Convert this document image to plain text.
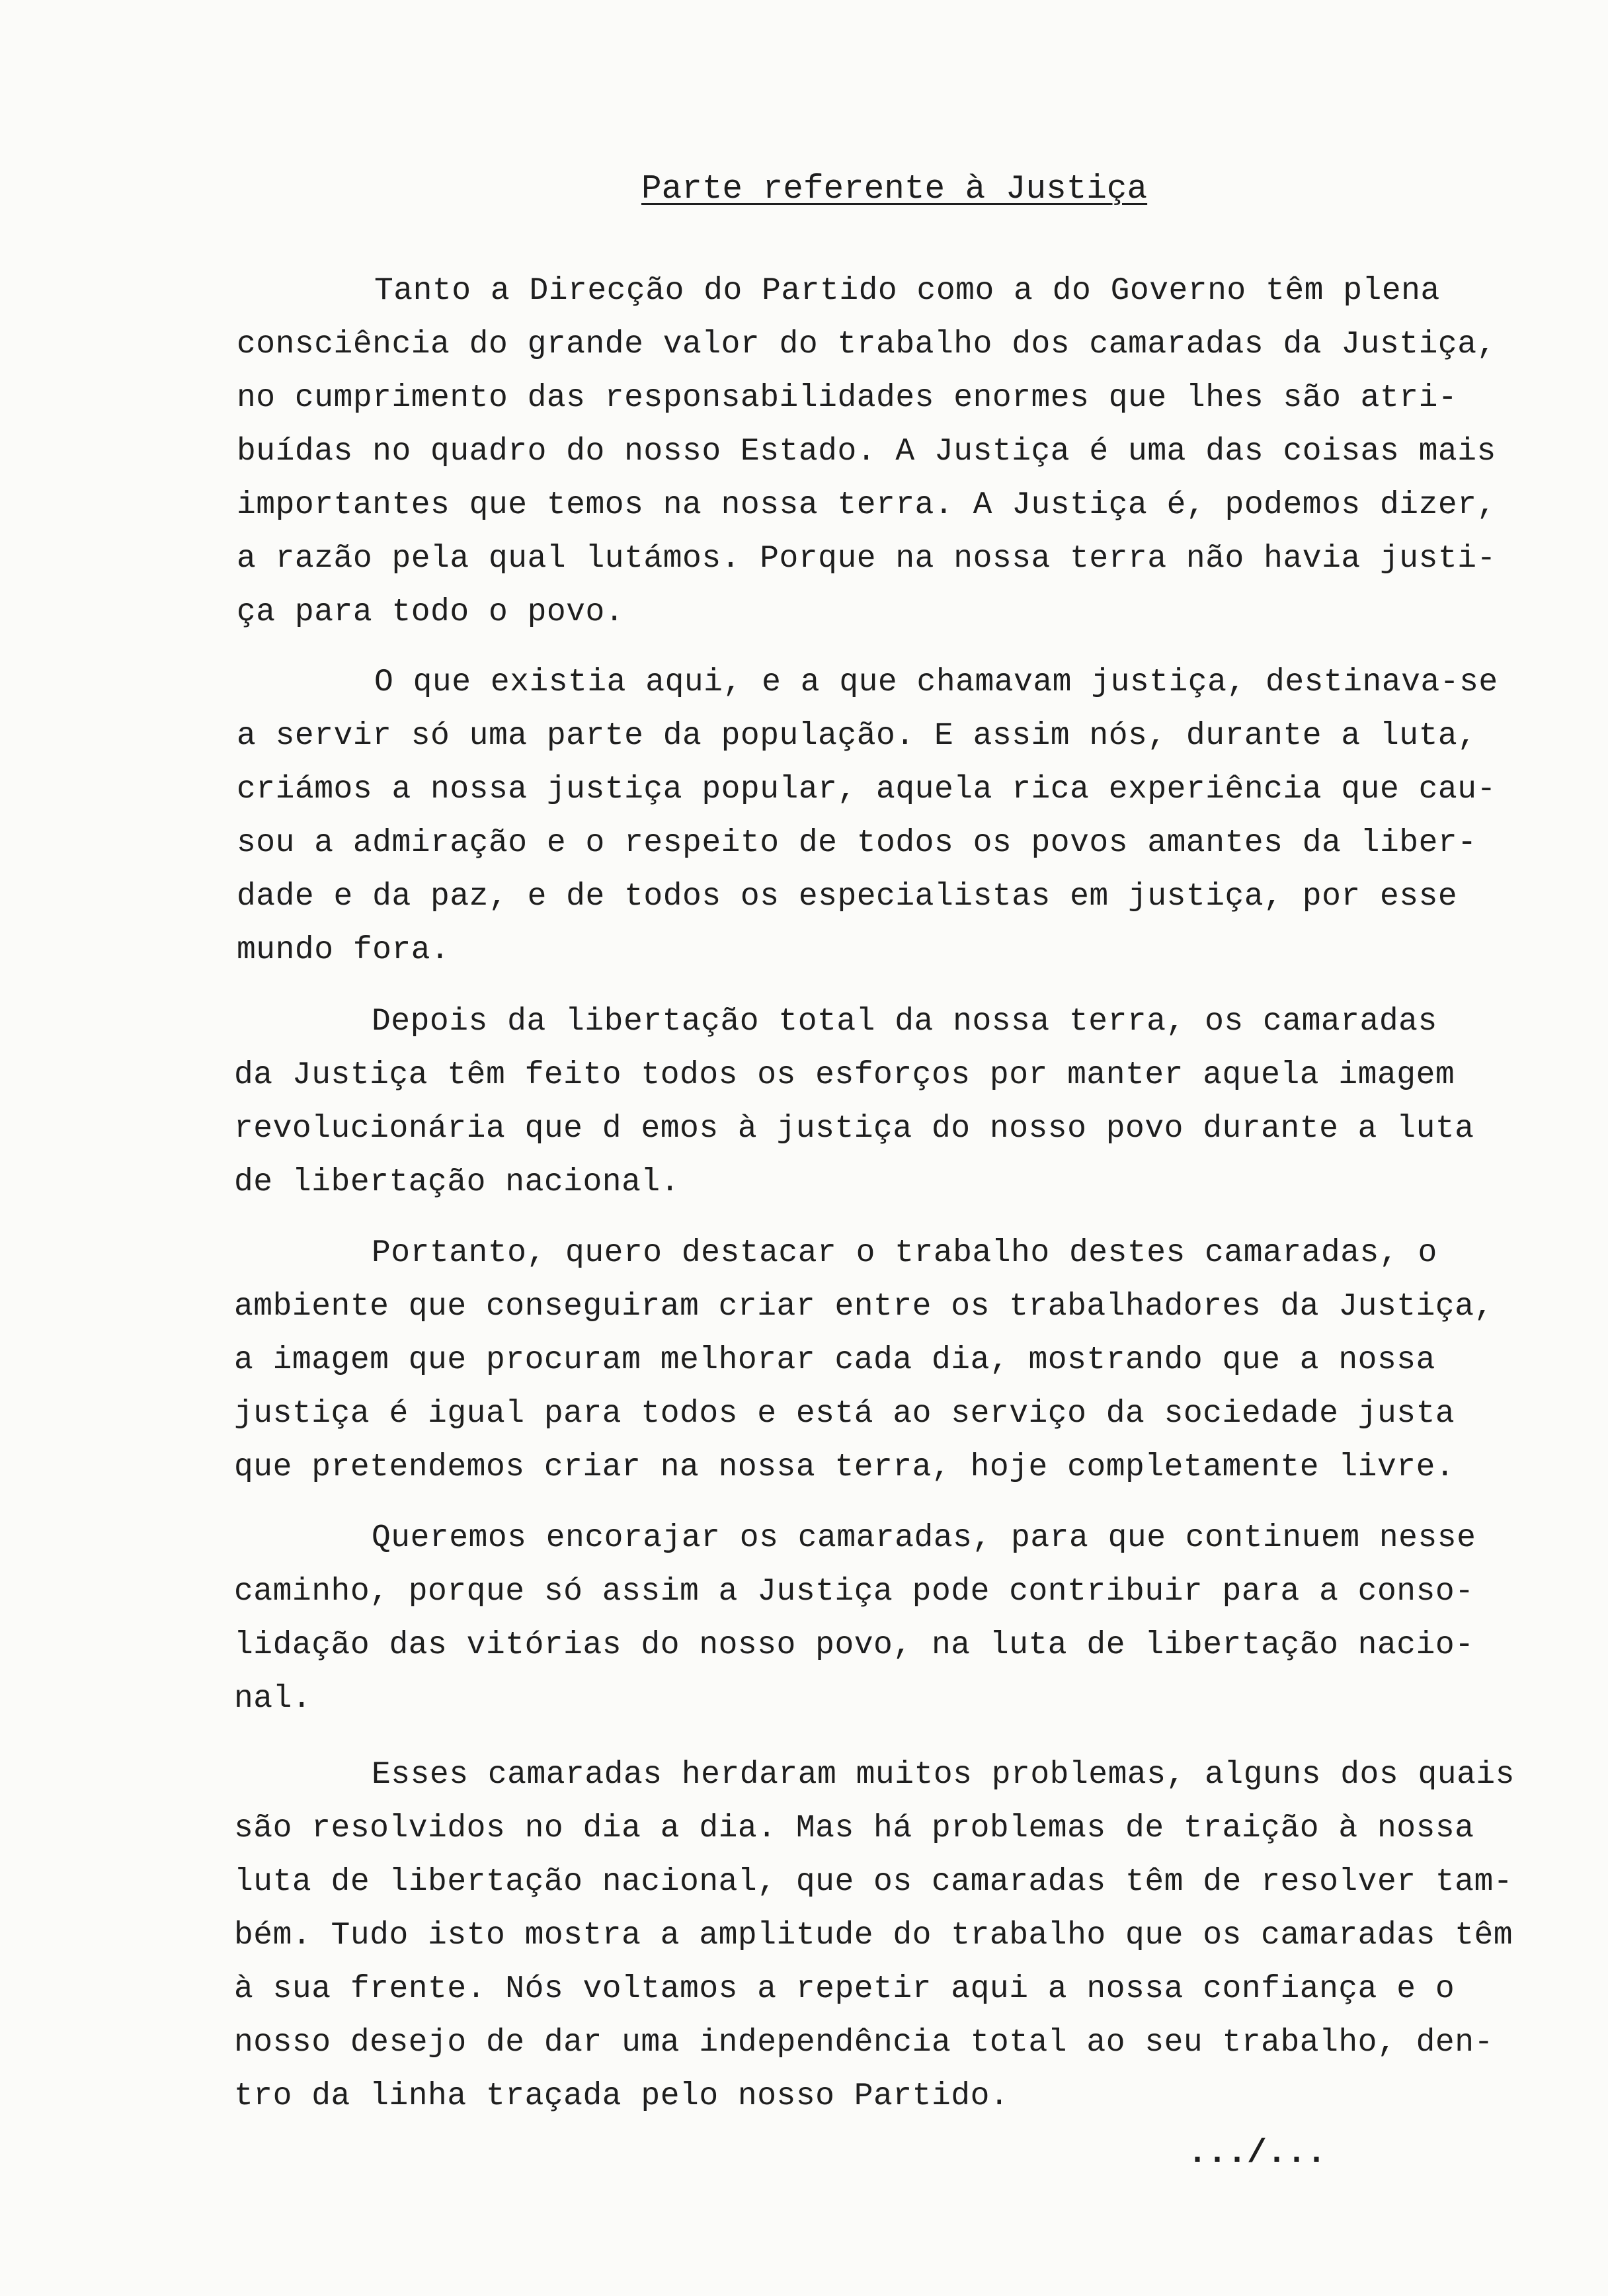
Parte referente à Justiça
Tanto a Direcção do Partido como a do Governo têm plena
consciência do grande valor do trabalho dos camaradas da Justiça,
no cumprimento das responsabilidades enormes que lhes são atri-
buídas no quadro do nosso Estado. A Justiça é uma das coisas mais
importantes que temos na nossa terra. A Justiça é, podemos dizer,
a razão pela qual lutámos. Porque na nossa terra não havia justi-
ça para todo o povo.
O que existia aqui, e a que chamavam justiça, destinava-se
a servir só uma parte da população. E assim nós, durante a luta,
criámos a nossa justiça popular, aquela rica experiência que cau-
sou a admiração e o respeito de todos os povos amantes da liber-
dade e da paz, e de todos os especialistas em justiça, por esse
mundo fora.
Depois da libertação total da nossa terra, os camaradas
da Justiça têm feito todos os esforços por manter aquela imagem
revolucionária que d emos à justiça do nosso povo durante a luta
de libertação nacional.
Portanto, quero destacar o trabalho destes camaradas, o
ambiente que conseguiram criar entre os trabalhadores da Justiça,
a imagem que procuram melhorar cada dia, mostrando que a nossa
justiça é igual para todos e está ao serviço da sociedade justa
que pretendemos criar na nossa terra, hoje completamente livre.
Queremos encorajar os camaradas, para que continuem nesse
caminho, porque só assim a Justiça pode contribuir para a conso-
lidação das vitórias do nosso povo, na luta de libertação nacio-
nal.
Esses camaradas herdaram muitos problemas, alguns dos quais
são resolvidos no dia a dia. Mas há problemas de traição à nossa
luta de libertação nacional, que os camaradas têm de resolver tam-
bém. Tudo isto mostra a amplitude do trabalho que os camaradas têm
à sua frente. Nós voltamos a repetir aqui a nossa confiança e o
nosso desejo de dar uma independência total ao seu trabalho, den-
tro da linha traçada pelo nosso Partido.
.../...
